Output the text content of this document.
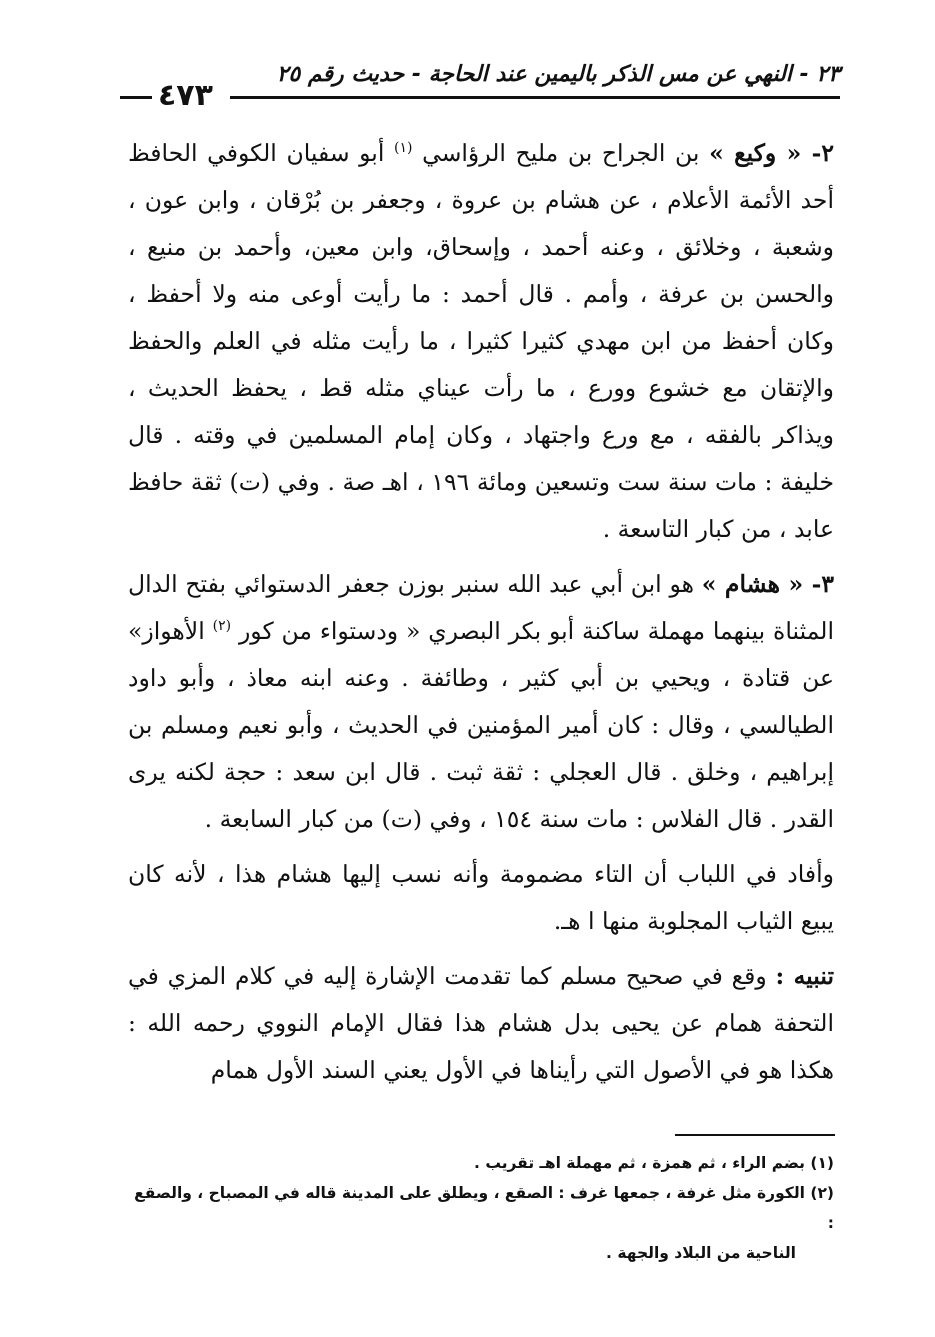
٢٣ - النهي عن مس الذكر باليمين عند الحاجة - حديث رقم ٢٥
٤٧٣

٢- « وكيع » بن الجراح بن مليح الرؤاسي $^{(١)}$ أبو سفيان الكوفي الحافظ أحد الأئمة الأعلام ، عن هشام بن عروة ، وجعفر بن بُرْقان ، وابن عون ، وشعبة ، وخلائق ، وعنه أحمد ، وإسحاق، وابن معين، وأحمد بن منيع ، والحسن بن عرفة ، وأمم . قال أحمد : ما رأيت أوعى منه ولا أحفظ ، وكان أحفظ من ابن مهدي كثيرا كثيرا ، ما رأيت مثله في العلم والحفظ والإتقان مع خشوع وورع ، ما رأت عيناي مثله قط ، يحفظ الحديث ، ويذاكر بالفقه ، مع ورع واجتهاد ، وكان إمام المسلمين في وقته . قال خليفة : مات سنة ست وتسعين ومائة ١٩٦ ، اهـ صة . وفي (ت) ثقة حافظ عابد ، من كبار التاسعة .

٣- « هشام » هو ابن أبي عبد الله سنبر بوزن جعفر الدستوائي بفتح الدال المثناة بينهما مهملة ساكنة أبو بكر البصري « ودستواء من كور $^{(٢)}$ الأهواز» عن قتادة ، ويحيي بن أبي كثير ، وطائفة . وعنه ابنه معاذ ، وأبو داود الطيالسي ، وقال : كان أمير المؤمنين في الحديث ، وأبو نعيم ومسلم بن إبراهيم ، وخلق . قال العجلي : ثقة ثبت . قال ابن سعد : حجة لكنه يرى القدر . قال الفلاس : مات سنة ١٥٤ ، وفي (ت) من كبار السابعة .

وأفاد في اللباب أن التاء مضمومة وأنه نسب إليها هشام هذا ، لأنه كان يبيع الثياب المجلوبة منها ا هـ.

تنبيه : وقع في صحيح مسلم كما تقدمت الإشارة إليه في كلام المزي في التحفة همام عن يحيى بدل هشام هذا فقال الإمام النووي رحمه الله : هكذا هو في الأصول التي رأيناها في الأول يعني السند الأول همام

(١) بضم الراء ، ثم همزة ، ثم مهملة اهـ تقريب .

(٢) الكورة مثل غرفة ، جمعها غرف : الصقع ، ويطلق على المدينة قاله في المصباح ، والصقع :

الناحية من البلاد والجهة .
